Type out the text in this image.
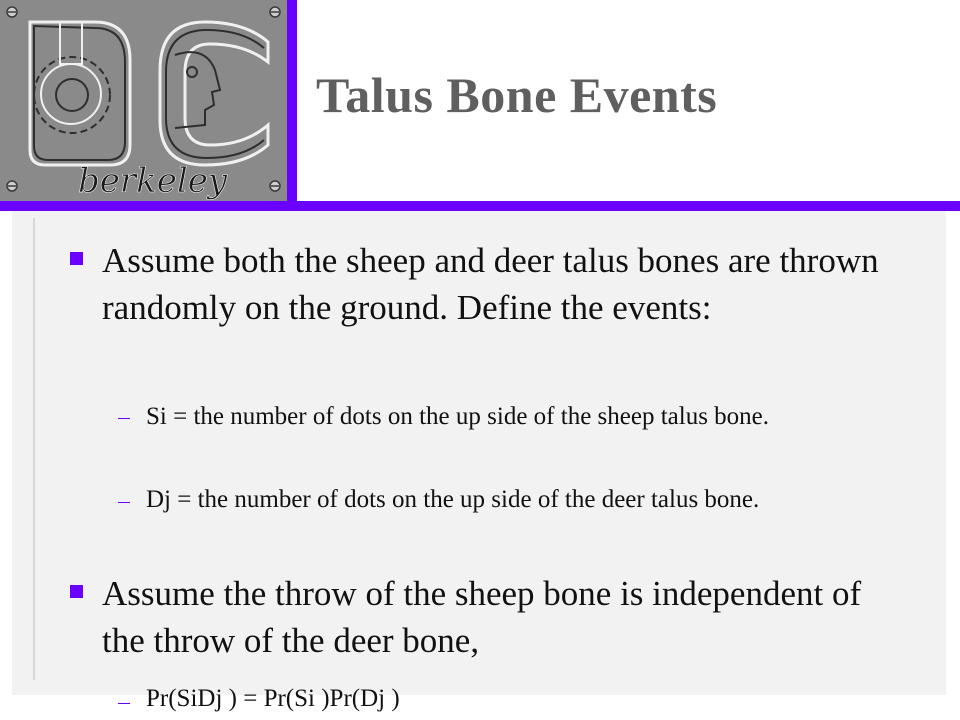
berkeley
Talus Bone Events
Assume both the sheep and deer talus bones are thrown randomly on the ground. Define the events:
Si = the number of dots on the up side of the sheep talus bone.
Dj = the number of dots on the up side of the deer talus bone.
Assume the throw of the sheep bone is independent of the throw of the deer bone,
Pr(SiDj ) = Pr(Si )Pr(Dj )
